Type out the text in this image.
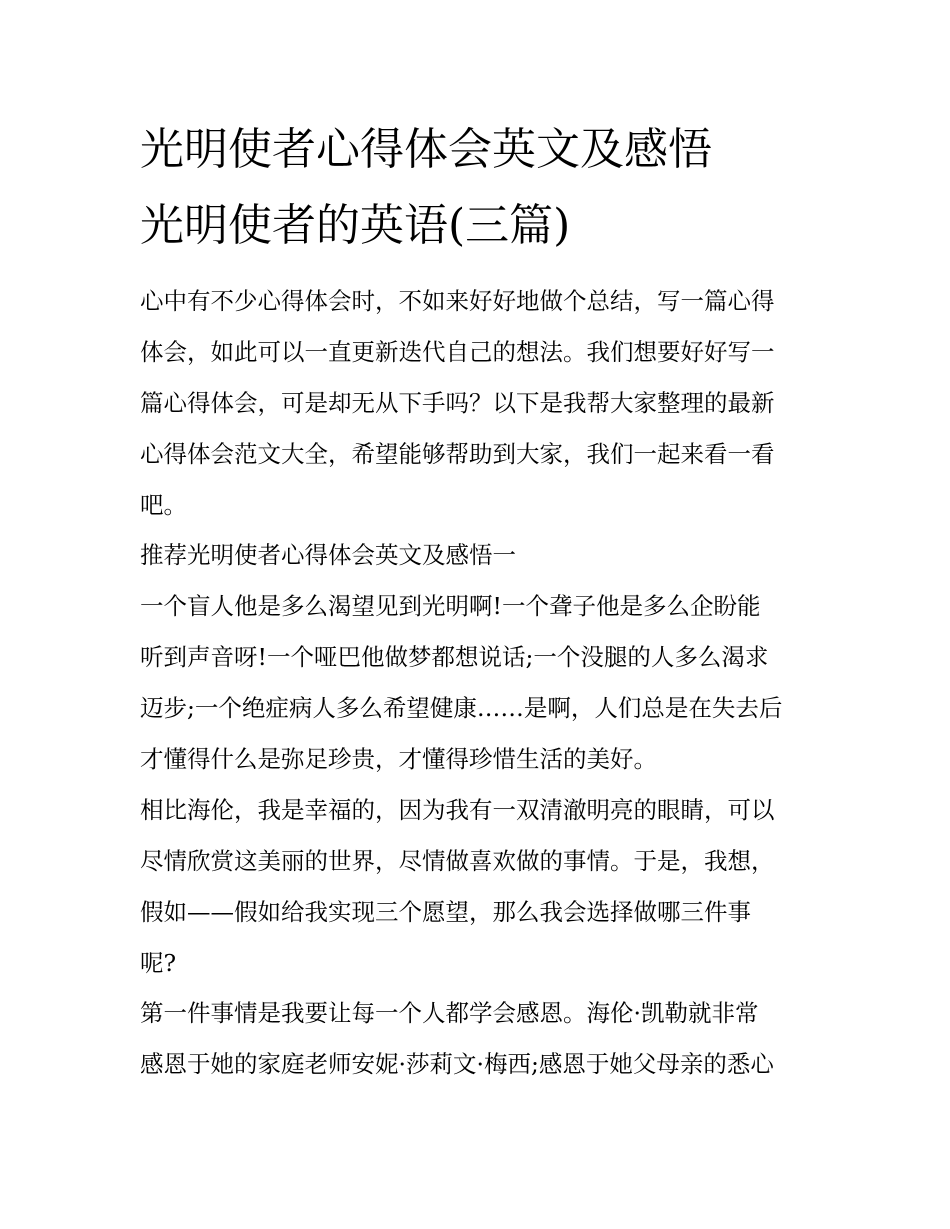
光明使者心得体会英文及感悟
光明使者的英语(三篇)
心中有不少心得体会时，不如来好好地做个总结，写一篇心得
体会，如此可以一直更新迭代自己的想法。我们想要好好写一
篇心得体会，可是却无从下手吗？以下是我帮大家整理的最新
心得体会范文大全，希望能够帮助到大家，我们一起来看一看
吧。
推荐光明使者心得体会英文及感悟一
一个盲人他是多么渴望见到光明啊!一个聋子他是多么企盼能
听到声音呀!一个哑巴他做梦都想说话;一个没腿的人多么渴求
迈步;一个绝症病人多么希望健康……是啊，人们总是在失去后
才懂得什么是弥足珍贵，才懂得珍惜生活的美好。
相比海伦，我是幸福的，因为我有一双清澈明亮的眼睛，可以
尽情欣赏这美丽的世界，尽情做喜欢做的事情。于是，我想，
假如——假如给我实现三个愿望，那么我会选择做哪三件事
呢?
第一件事情是我要让每一个人都学会感恩。海伦·凯勒就非常
感恩于她的家庭老师安妮·莎莉文·梅西;感恩于她父母亲的悉心
